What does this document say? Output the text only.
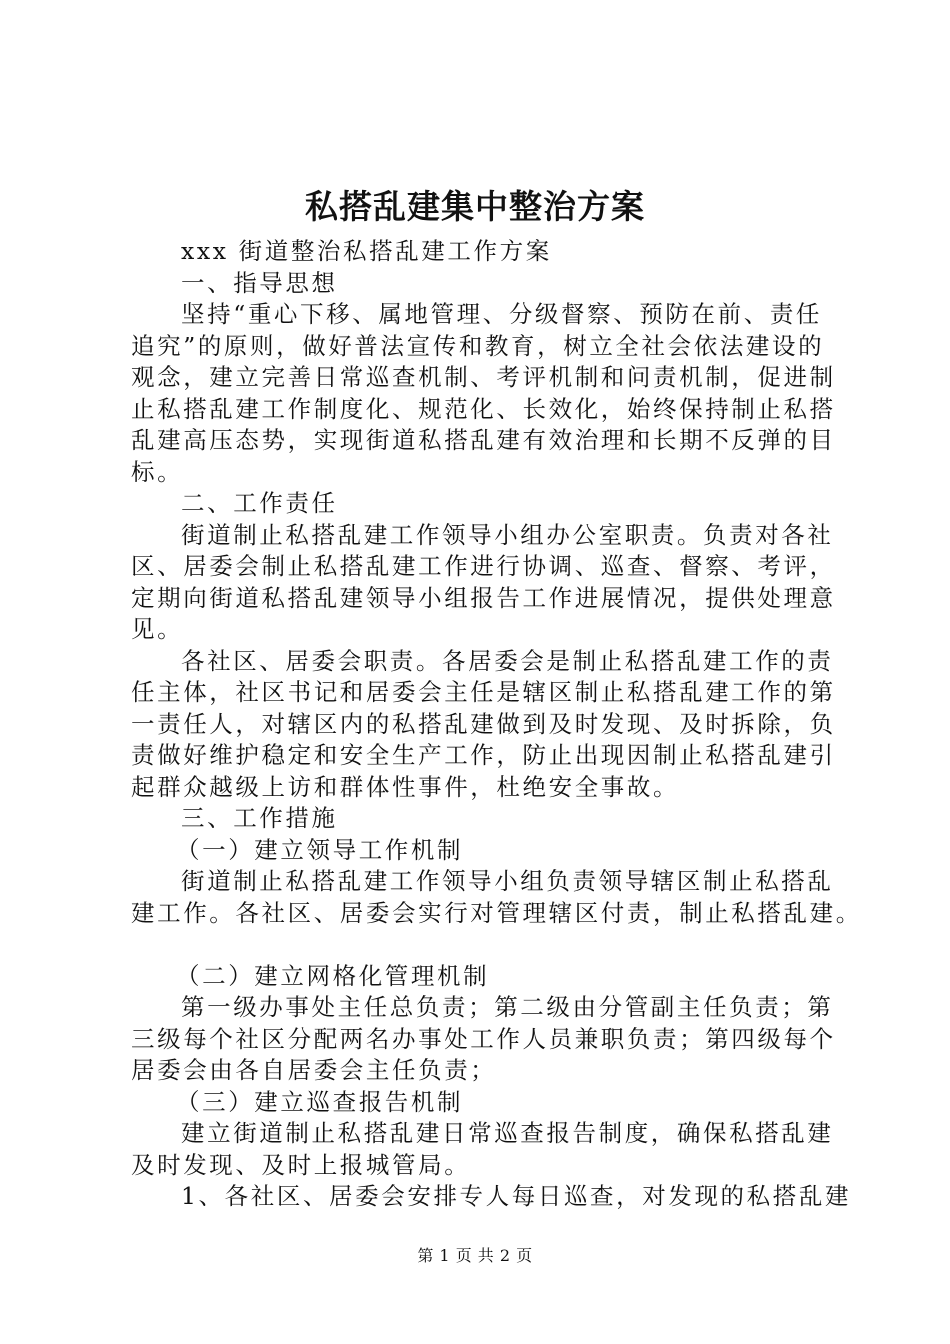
私搭乱建集中整治方案

xxx 街道整治私搭乱建工作方案

一、指导思想

坚持“重心下移、属地管理、分级督察、预防在前、责任

追究”的原则，做好普法宣传和教育，树立全社会依法建设的

观念，建立完善日常巡查机制、考评机制和问责机制，促进制

止私搭乱建工作制度化、规范化、长效化，始终保持制止私搭

乱建高压态势，实现街道私搭乱建有效治理和长期不反弹的目

标。

二、工作责任

街道制止私搭乱建工作领导小组办公室职责。负责对各社

区、居委会制止私搭乱建工作进行协调、巡查、督察、考评，

定期向街道私搭乱建领导小组报告工作进展情况，提供处理意

见。

各社区、居委会职责。各居委会是制止私搭乱建工作的责

任主体，社区书记和居委会主任是辖区制止私搭乱建工作的第

一责任人，对辖区内的私搭乱建做到及时发现、及时拆除，负

责做好维护稳定和安全生产工作，防止出现因制止私搭乱建引

起群众越级上访和群体性事件，杜绝安全事故。

三、工作措施

（一）建立领导工作机制

街道制止私搭乱建工作领导小组负责领导辖区制止私搭乱

建工作。各社区、居委会实行对管理辖区付责，制止私搭乱建。

（二）建立网格化管理机制

第一级办事处主任总负责；第二级由分管副主任负责；第

三级每个社区分配两名办事处工作人员兼职负责；第四级每个

居委会由各自居委会主任负责；

（三）建立巡查报告机制

建立街道制止私搭乱建日常巡查报告制度，确保私搭乱建

及时发现、及时上报城管局。

1、各社区、居委会安排专人每日巡查，对发现的私搭乱建

第 1 页 共 2 页
